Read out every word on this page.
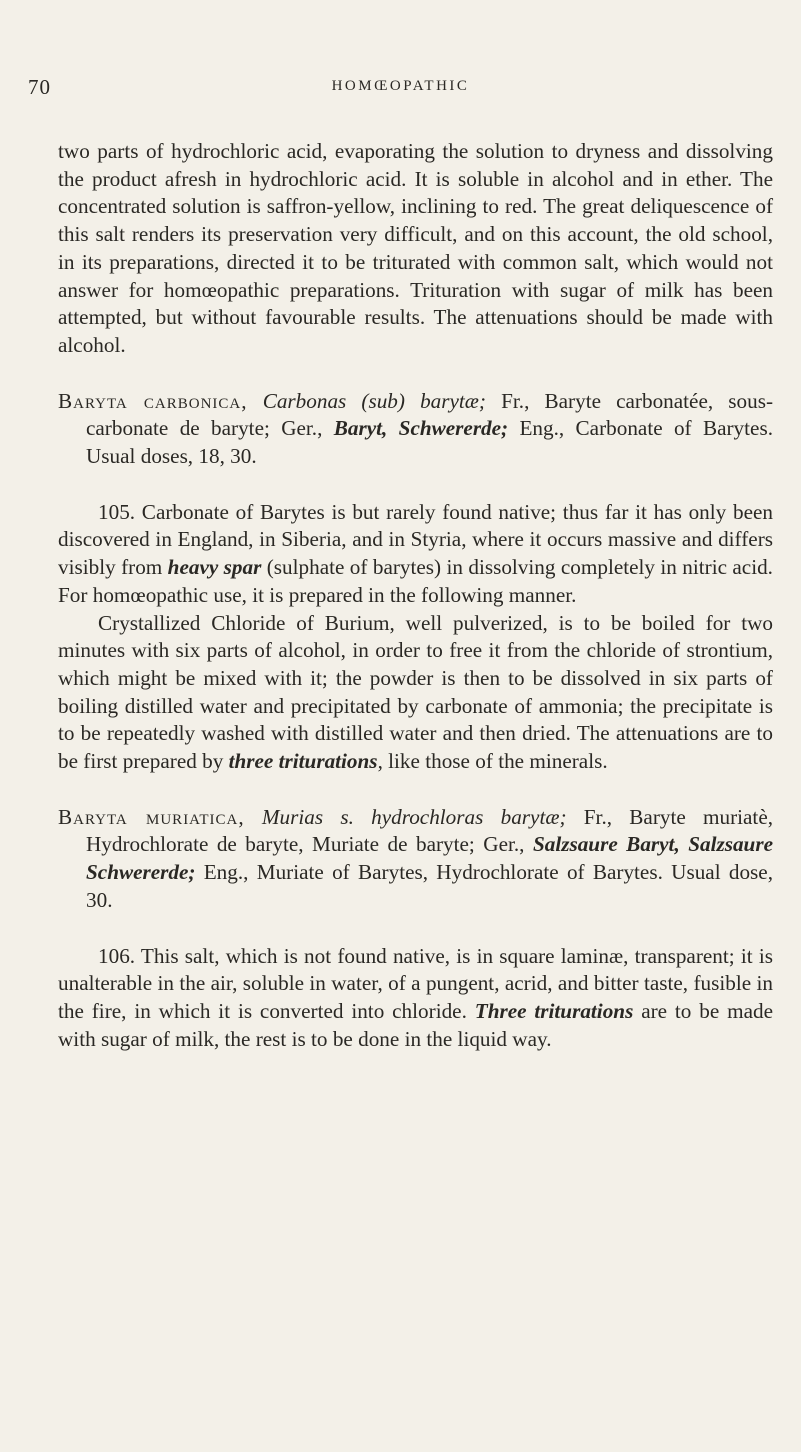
70	HOMŒOPATHIC

two parts of hydrochloric acid, evaporating the solution to dryness and dissolving the product afresh in hydrochloric acid. It is soluble in alcohol and in ether. The concentrated solution is saffron-yellow, inclining to red. The great deliquescence of this salt renders its preservation very difficult, and on this account, the old school, in its preparations, directed it to be triturated with common salt, which would not answer for homœopathic preparations. Trituration with sugar of milk has been attempted, but without favourable results. The attenuations should be made with alcohol.

Baryta carbonica, Carbonas (sub) barytæ; Fr., Baryte carbonatée, sous-carbonate de baryte; Ger., Baryt, Schwererde; Eng., Carbonate of Barytes. Usual doses, 18, 30.

105. Carbonate of Barytes is but rarely found native; thus far it has only been discovered in England, in Siberia, and in Styria, where it occurs massive and differs visibly from heavy spar (sulphate of barytes) in dissolving completely in nitric acid. For homœopathic use, it is prepared in the following manner.

Crystallized Chloride of Burium, well pulverized, is to be boiled for two minutes with six parts of alcohol, in order to free it from the chloride of strontium, which might be mixed with it; the powder is then to be dissolved in six parts of boiling distilled water and precipitated by carbonate of ammonia; the precipitate is to be repeatedly washed with distilled water and then dried. The attenuations are to be first prepared by three triturations, like those of the minerals.

Baryta muriatica, Murias s. hydrochloras barytæ; Fr., Baryte muriatè, Hydrochlorate de baryte, Muriate de baryte; Ger., Salzsaure Baryt, Salzsaure Schwererde; Eng., Muriate of Barytes, Hydrochlorate of Barytes. Usual dose, 30.

106. This salt, which is not found native, is in square laminæ, transparent; it is unalterable in the air, soluble in water, of a pungent, acrid, and bitter taste, fusible in the fire, in which it is converted into chloride. Three triturations are to be made with sugar of milk, the rest is to be done in the liquid way.
